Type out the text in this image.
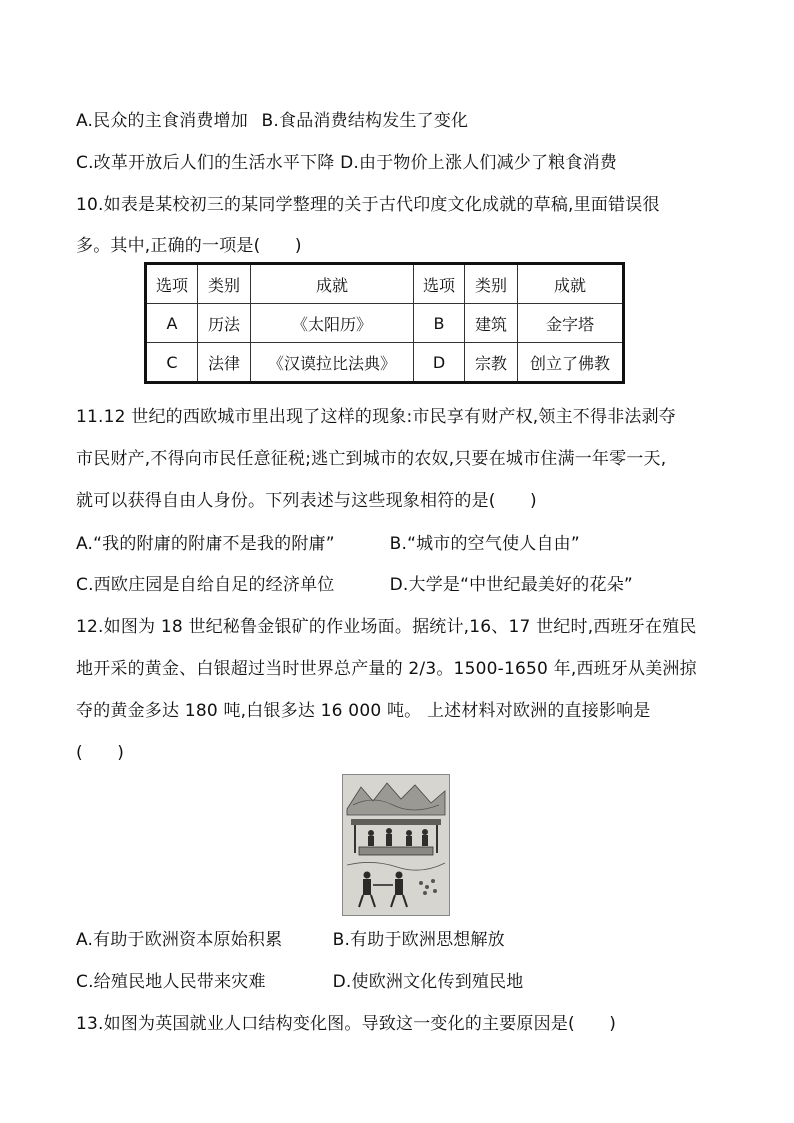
A.民众的主食消费增加 B.食品消费结构发生了变化
C.改革开放后人们的生活水平下降 D.由于物价上涨人们减少了粮食消费
10.如表是某校初三的某同学整理的关于古代印度文化成就的草稿,里面错误很
多。其中,正确的一项是(　　)
选项	类别	成就	选项	类别	成就
A	历法	《太阳历》	B	建筑	金字塔
C	法律	《汉谟拉比法典》	D	宗教	创立了佛教
11.12 世纪的西欧城市里出现了这样的现象:市民享有财产权,领主不得非法剥夺
市民财产,不得向市民任意征税;逃亡到城市的农奴,只要在城市住满一年零一天,
就可以获得自由人身份。下列表述与这些现象相符的是(　　)
A.“我的附庸的附庸不是我的附庸”	B.“城市的空气使人自由”
C.西欧庄园是自给自足的经济单位	D.大学是“中世纪最美好的花朵”
12.如图为 18 世纪秘鲁金银矿的作业场面。据统计,16、17 世纪时,西班牙在殖民
地开采的黄金、白银超过当时世界总产量的 2/3。1500-1650 年,西班牙从美洲掠
夺的黄金多达 180 吨,白银多达 16 000 吨。 上述材料对欧洲的直接影响是
(　　)
A.有助于欧洲资本原始积累	B.有助于欧洲思想解放
C.给殖民地人民带来灾难	D.使欧洲文化传到殖民地
13.如图为英国就业人口结构变化图。导致这一变化的主要原因是(　　)
